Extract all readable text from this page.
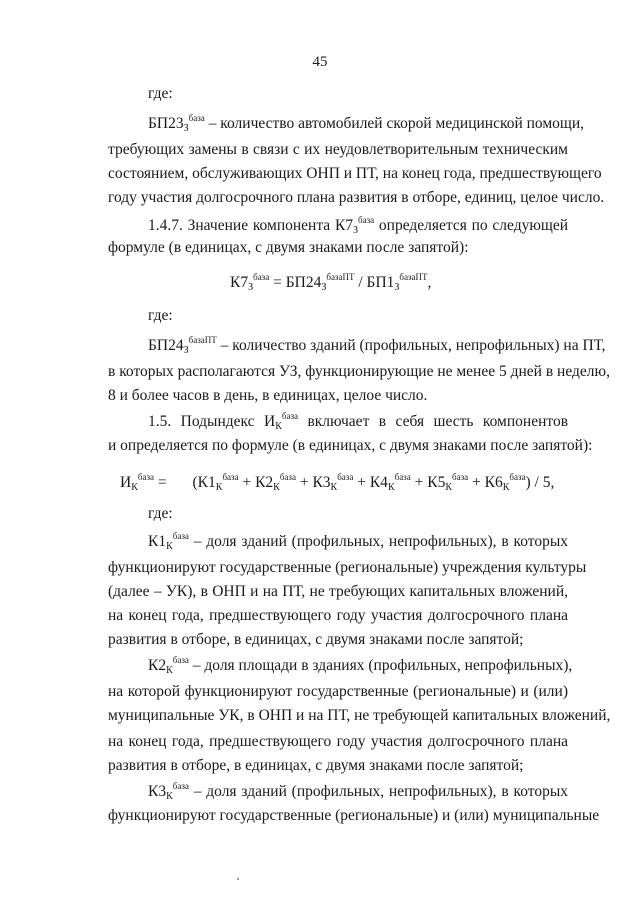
45
где:
$БП23_З^{база}$ – количество автомобилей скорой медицинской помощи,
требующих замены в связи с их неудовлетворительным техническим
состоянием, обслуживающих ОНП и ПТ, на конец года, предшествующего
году участия долгосрочного плана развития в отборе, единиц, целое число.
1.4.7. Значение компонента $К7_З^{база}$ определяется по следующей
формуле (в единицах, с двумя знаками после запятой):
$К7_З^{база} = БП24_З^{базаПТ} / БП1_З^{базаПТ}$,
где:
$БП24_З^{базаПТ}$ – количество зданий (профильных, непрофильных) на ПТ,
в которых располагаются УЗ, функционирующие не менее 5 дней в неделю,
8 и более часов в день, в единицах, целое число.
1.5. Подындекс $И_К^{база}$ включает в себя шесть компонентов
и определяется по формуле (в единицах, с двумя знаками после запятой):
$И_К^{база} = (К1_К^{база} + К2_К^{база} + К3_К^{база} + К4_К^{база} + К5_К^{база} + К6_К^{база}) / 5$,
где:
$К1_К^{база}$ – доля зданий (профильных, непрофильных), в которых
функционируют государственные (региональные) учреждения культуры
(далее – УК), в ОНП и на ПТ, не требующих капитальных вложений,
на конец года, предшествующего году участия долгосрочного плана
развития в отборе, в единицах, с двумя знаками после запятой;
$К2_К^{база}$ – доля площади в зданиях (профильных, непрофильных),
на которой функционируют государственные (региональные) и (или)
муниципальные УК, в ОНП и на ПТ, не требующей капитальных вложений,
на конец года, предшествующего году участия долгосрочного плана
развития в отборе, в единицах, с двумя знаками после запятой;
$К3_К^{база}$ – доля зданий (профильных, непрофильных), в которых
функционируют государственные (региональные) и (или) муниципальные
